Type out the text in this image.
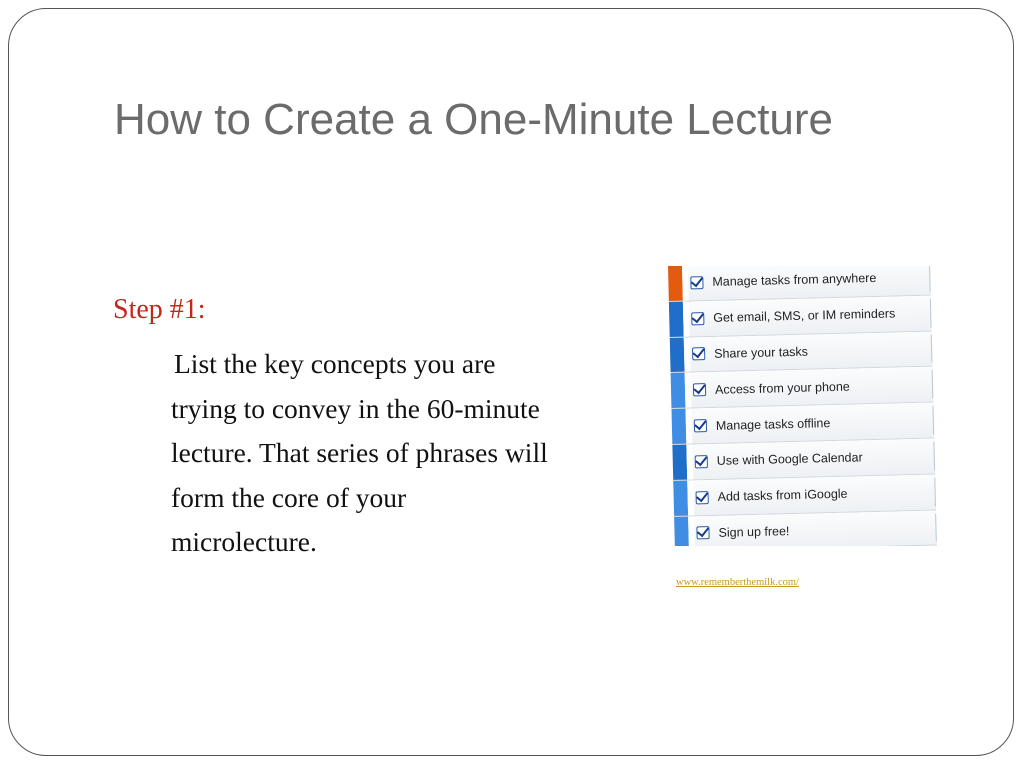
How to Create a One-Minute Lecture
Step #1:
List the key concepts you are
trying to convey in the 60-minute
lecture. That series of phrases will
form the core of your
microlecture.
Manage tasks from anywhere
Get email, SMS, or IM reminders
Share your tasks
Access from your phone
Manage tasks offline
Use with Google Calendar
Add tasks from iGoogle
Sign up free!
www.rememberthemilk.com/
